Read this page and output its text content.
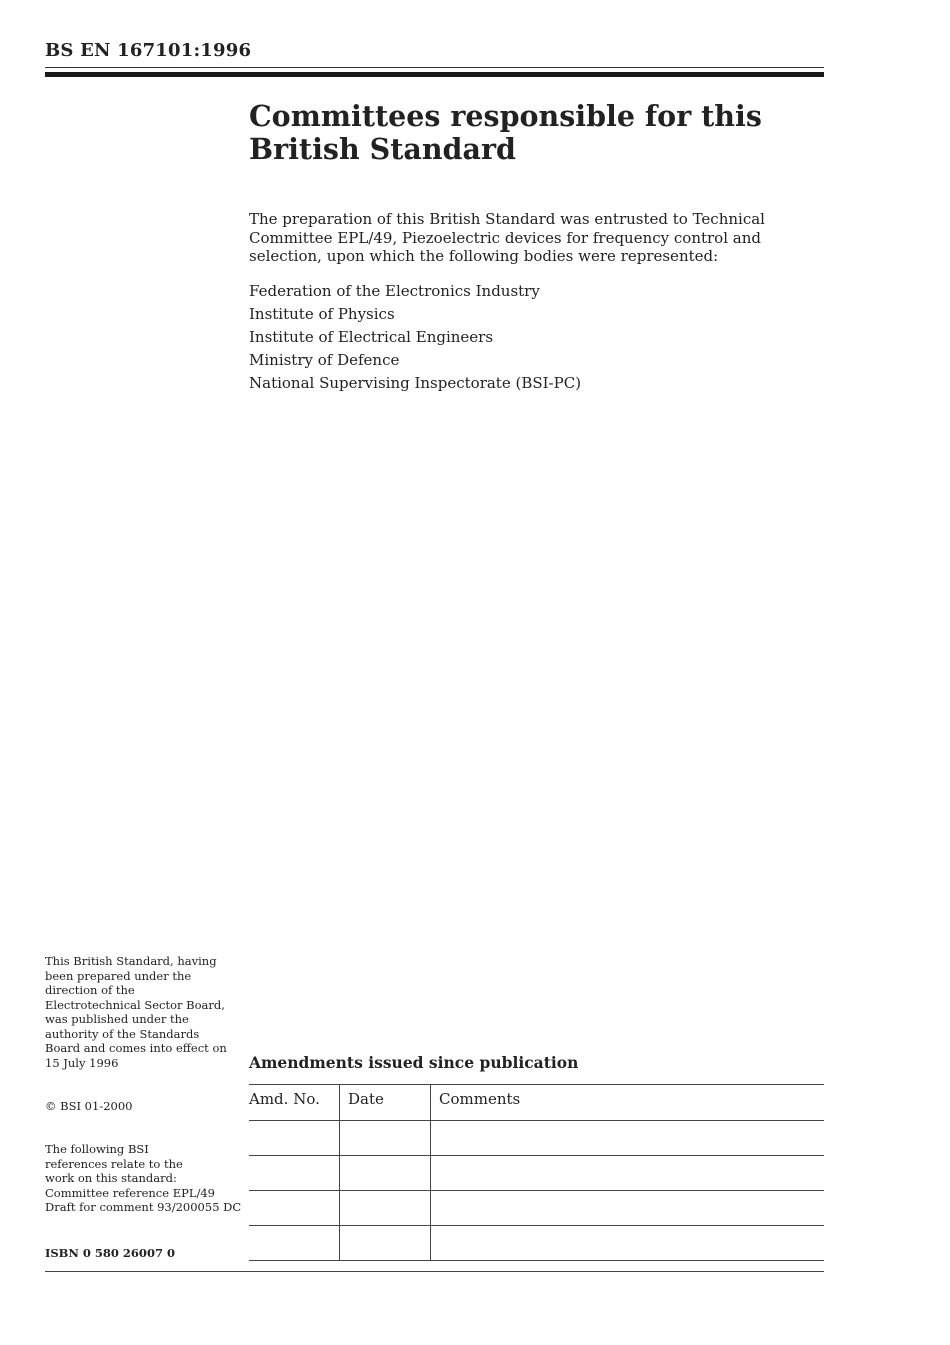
BS EN 167101:1996
Committees responsible for this
British Standard

The preparation of this British Standard was entrusted to Technical Committee EPL/49, Piezoelectric devices for frequency control and selection, upon which the following bodies were represented:

Federation of the Electronics Industry
Institute of Physics
Institute of Electrical Engineers
Ministry of Defence
National Supervising Inspectorate (BSI-PC)

This British Standard, having been prepared under the direction of the Electrotechnical Sector Board, was published under the authority of the Standards Board and comes into effect on 15 July 1996

© BSI 01-2000

The following BSI references relate to the work on this standard:
Committee reference EPL/49
Draft for comment 93/200055 DC

ISBN 0 580 26007 0

Amendments issued since publication
Amd. No.	Date	Comments
